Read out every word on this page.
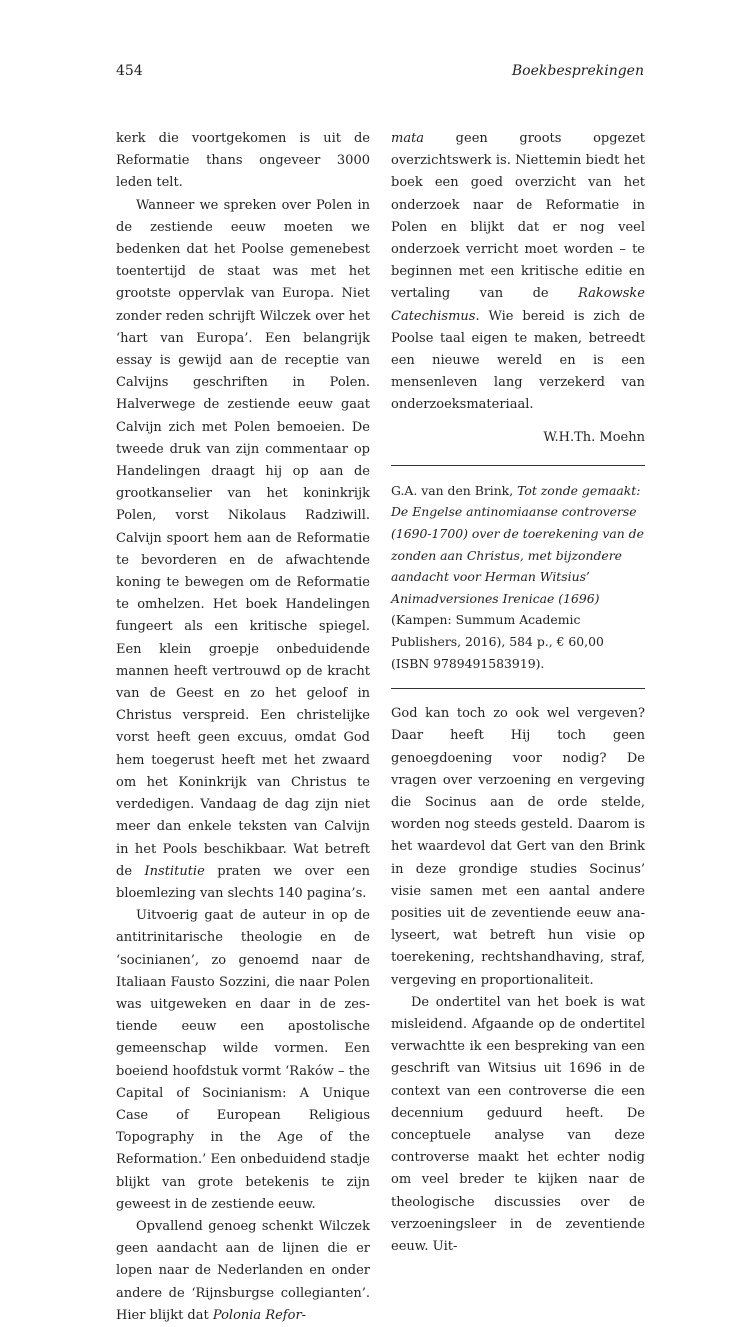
454	Boekbesprekingen

kerk die voortgekomen is uit de Reformatie thans ongeveer 3000 leden telt.

Wanneer we spreken over Polen in de zestiende eeuw moeten we bedenken dat het Poolse gemenebest toentertijd de staat was met het grootste oppervlak van Europa. Niet zonder reden schrijft Wilczek over het ‘hart van Europa’. Een belangrijk essay is gewijd aan de receptie van Calvijns geschriften in Polen. Halverwege de zestiende eeuw gaat Calvijn zich met Polen bemoeien. De tweede druk van zijn commentaar op Handelingen draagt hij op aan de grootkanselier van het koninkrijk Polen, vorst Nikolaus Radziwill. Calvijn spoort hem aan de Reformatie te bevorderen en de afwachtende koning te bewegen om de Reformatie te omhelzen. Het boek Handelingen fungeert als een kritische spiegel. Een klein groepje onbeduidende mannen heeft vertrouwd op de kracht van de Geest en zo het geloof in Christus verspreid. Een christelijke vorst heeft geen excuus, omdat God hem toegerust heeft met het zwaard om het Koninkrijk van Christus te verdedigen. Vandaag de dag zijn niet meer dan enkele teksten van Calvijn in het Pools beschikbaar. Wat betreft de Institutie praten we over een bloemlezing van slechts 140 pagina’s.

Uitvoerig gaat de auteur in op de antitrinitarische theologie en de ‘socinianen’, zo genoemd naar de Italiaan Fausto Sozzini, die naar Polen was uitgeweken en daar in de zestiende eeuw een apostolische gemeenschap wilde vormen. Een boeiend hoofdstuk vormt ‘Raków – the Capital of Socinianism: A Unique Case of European Religious Topography in the Age of the Reformation.’ Een onbeduidend stadje blijkt van grote betekenis te zijn geweest in de zestiende eeuw.

Opvallend genoeg schenkt Wilczek geen aandacht aan de lijnen die er lopen naar de Nederlanden en onder andere de ‘Rijnsburgse collegianten’. Hier blijkt dat Polonia Refor-

mata geen groots opgezet overzichtswerk is. Niettemin biedt het boek een goed overzicht van het onderzoek naar de Reformatie in Polen en blijkt dat er nog veel onderzoek verricht moet worden – te beginnen met een kritische editie en vertaling van de Rakowske Catechismus. Wie bereid is zich de Poolse taal eigen te maken, betreedt een nieuwe wereld en is een mensenleven lang verzekerd van onderzoeksmateriaal.

W.H.Th. Moehn

G.A. van den Brink, Tot zonde gemaakt: De Engelse antinomiaanse controverse (1690-1700) over de toerekening van de zonden aan Christus, met bijzondere aandacht voor Herman Witsius’ Animadversiones Irenicae (1696) (Kampen: Summum Academic Publishers, 2016), 584 p., € 60,00 (ISBN 9789491583919).

God kan toch zo ook wel vergeven? Daar heeft Hij toch geen genoegdoening voor nodig? De vragen over verzoening en vergeving die Socinus aan de orde stelde, worden nog steeds gesteld. Daarom is het waardevol dat Gert van den Brink in deze grondige studies Socinus’ visie samen met een aantal andere posities uit de zeventiende eeuw analyseert, wat betreft hun visie op toerekening, rechtshandhaving, straf, vergeving en proportionaliteit.

De ondertitel van het boek is wat misleidend. Afgaande op de ondertitel verwachtte ik een bespreking van een geschrift van Witsius uit 1696 in de context van een controverse die een decennium geduurd heeft. De conceptuele analyse van deze controverse maakt het echter nodig om veel breder te kijken naar de theologische discussies over de verzoeningsleer in de zeventiende eeuw. Uit-
